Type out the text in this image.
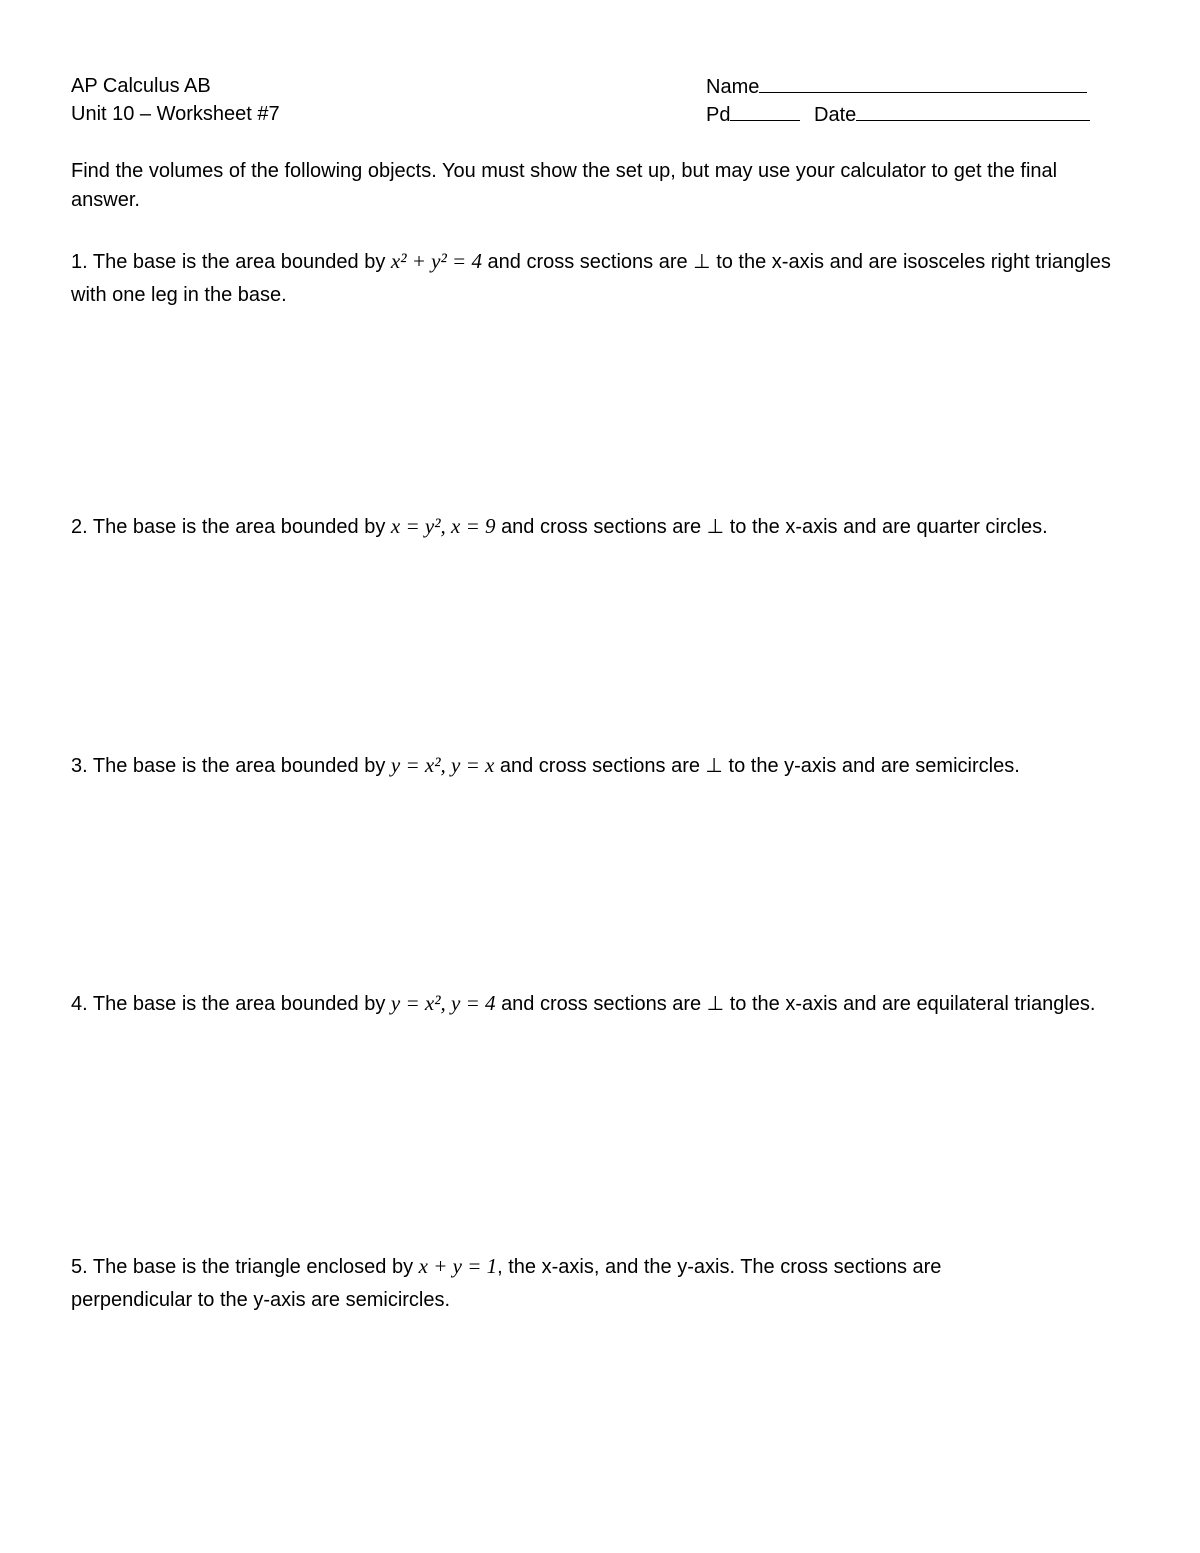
AP Calculus AB
Unit 10 – Worksheet #7
Name
Pd	Date
Find the volumes of the following objects. You must show the set up, but may use your calculator to get the final answer.
1. The base is the area bounded by x² + y² = 4 and cross sections are ⊥ to the x-axis and are isosceles right triangles with one leg in the base.
2. The base is the area bounded by x = y², x = 9 and cross sections are ⊥ to the x-axis and are quarter circles.
3. The base is the area bounded by y = x², y = x and cross sections are ⊥ to the y-axis and are semicircles.
4. The base is the area bounded by y = x², y = 4 and cross sections are ⊥ to the x-axis and are equilateral triangles.
5. The base is the triangle enclosed by x + y = 1, the x-axis, and the y-axis. The cross sections are perpendicular to the y-axis are semicircles.
